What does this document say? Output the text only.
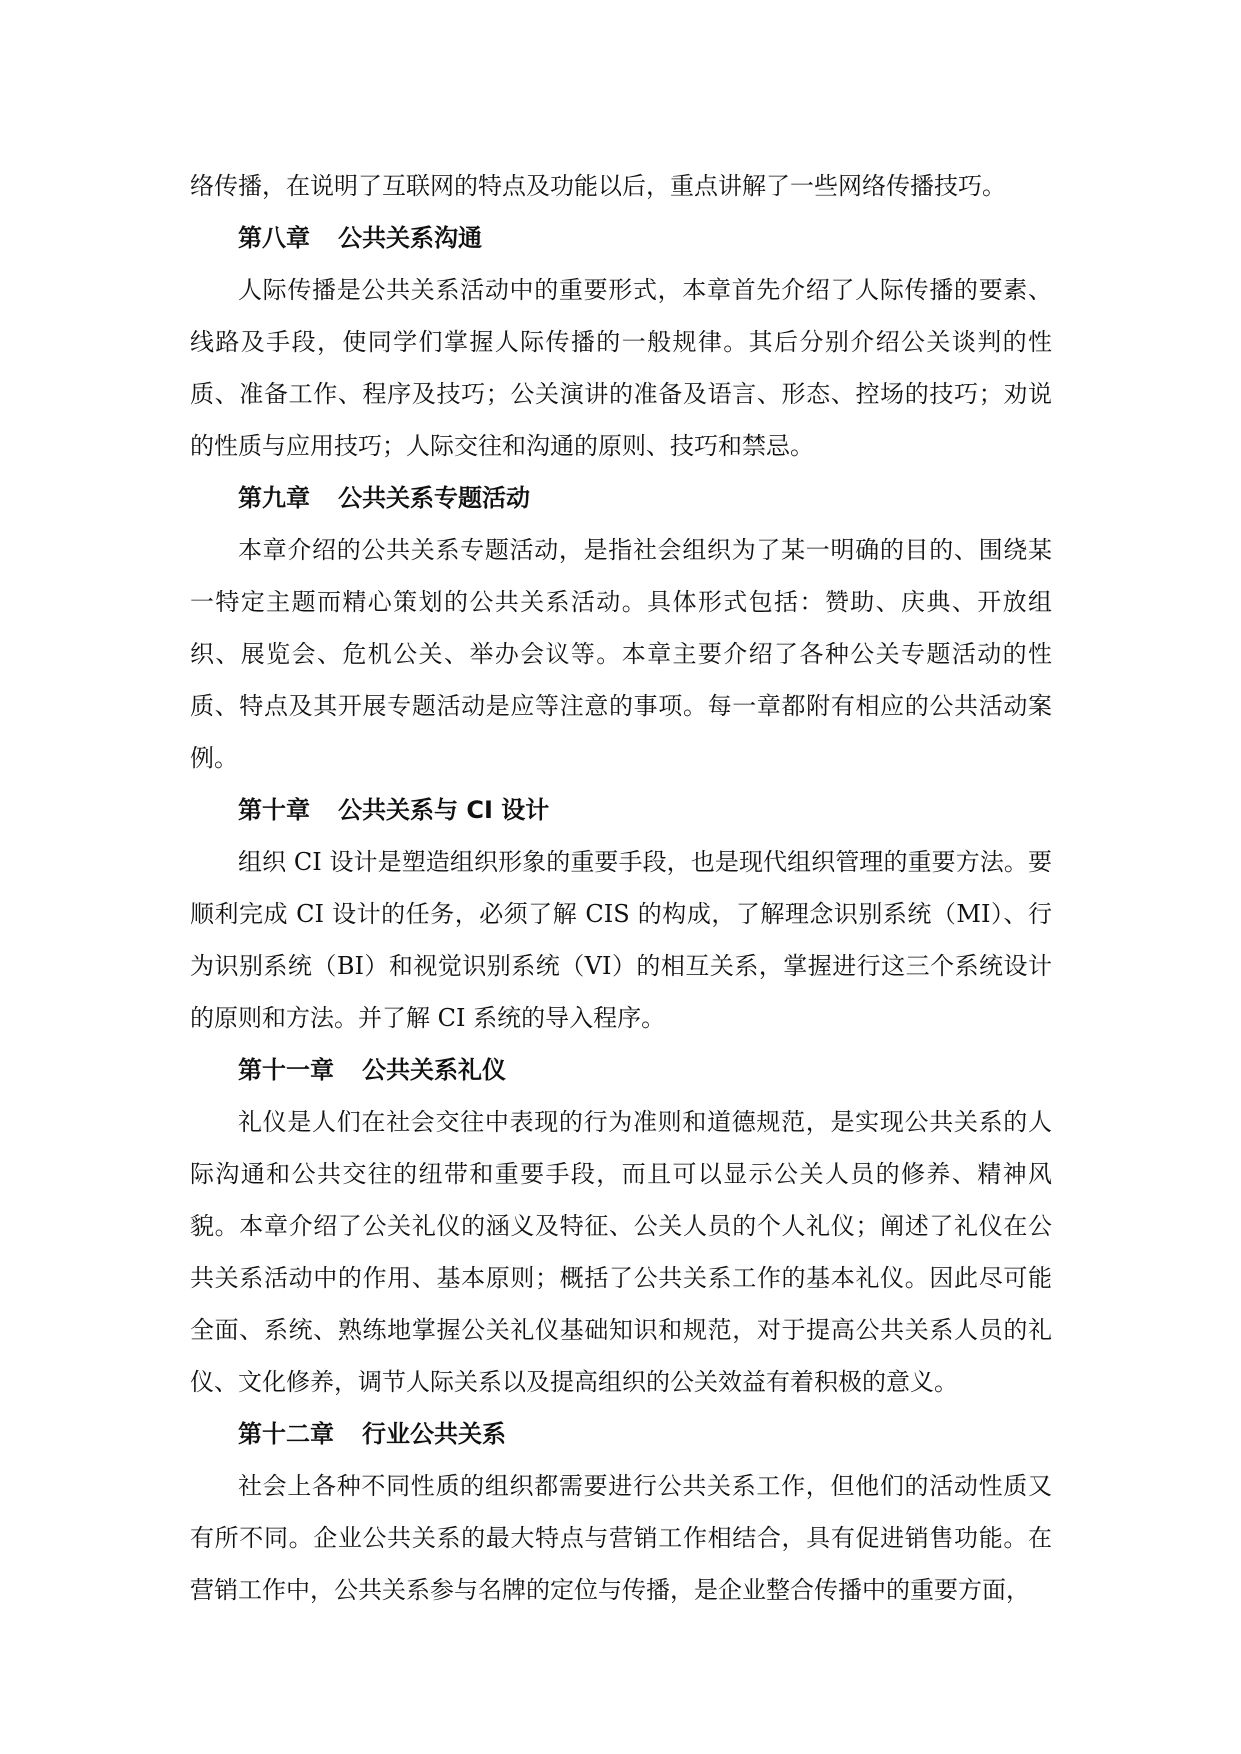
络传播，在说明了互联网的特点及功能以后，重点讲解了一些网络传播技巧。

第八章 公共关系沟通

人际传播是公共关系活动中的重要形式，本章首先介绍了人际传播的要素、线路及手段，使同学们掌握人际传播的一般规律。其后分别介绍公关谈判的性质、准备工作、程序及技巧；公关演讲的准备及语言、形态、控场的技巧；劝说的性质与应用技巧；人际交往和沟通的原则、技巧和禁忌。

第九章 公共关系专题活动

本章介绍的公共关系专题活动，是指社会组织为了某一明确的目的、围绕某一特定主题而精心策划的公共关系活动。具体形式包括：赞助、庆典、开放组织、展览会、危机公关、举办会议等。本章主要介绍了各种公关专题活动的性质、特点及其开展专题活动是应等注意的事项。每一章都附有相应的公共活动案例。

第十章 公共关系与 CI 设计

组织 CI 设计是塑造组织形象的重要手段，也是现代组织管理的重要方法。要顺利完成 CI 设计的任务，必须了解 CIS 的构成，了解理念识别系统（MI）、行为识别系统（BI）和视觉识别系统（VI）的相互关系，掌握进行这三个系统设计的原则和方法。并了解 CI 系统的导入程序。

第十一章 公共关系礼仪

礼仪是人们在社会交往中表现的行为准则和道德规范，是实现公共关系的人际沟通和公共交往的纽带和重要手段，而且可以显示公关人员的修养、精神风貌。本章介绍了公关礼仪的涵义及特征、公关人员的个人礼仪；阐述了礼仪在公共关系活动中的作用、基本原则；概括了公共关系工作的基本礼仪。因此尽可能全面、系统、熟练地掌握公关礼仪基础知识和规范，对于提高公共关系人员的礼仪、文化修养，调节人际关系以及提高组织的公关效益有着积极的意义。

第十二章 行业公共关系

社会上各种不同性质的组织都需要进行公共关系工作，但他们的活动性质又有所不同。企业公共关系的最大特点与营销工作相结合，具有促进销售功能。在营销工作中，公共关系参与名牌的定位与传播，是企业整合传播中的重要方面，
